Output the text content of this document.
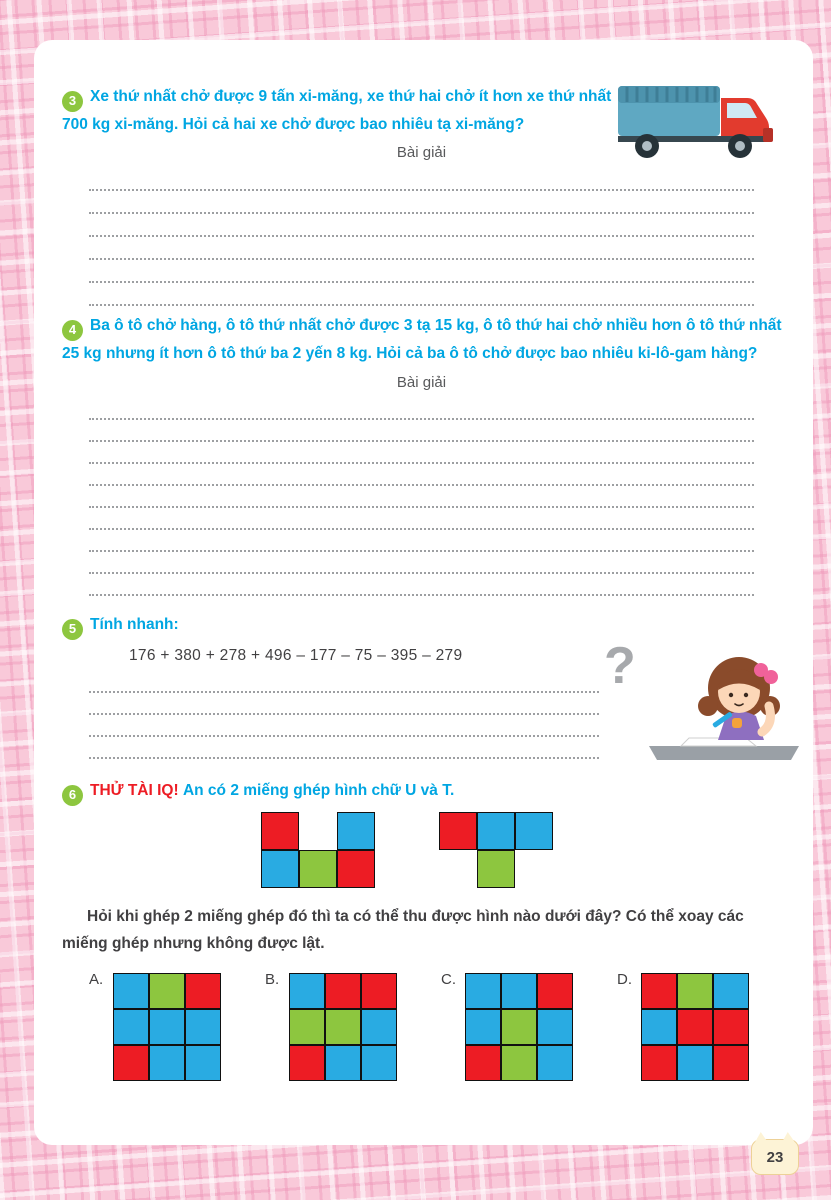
3 Xe thứ nhất chở được 9 tấn xi-măng, xe thứ hai chở ít hơn xe thứ nhất 700 kg xi-măng. Hỏi cả hai xe chở được bao nhiêu tạ xi-măng?

Bài giải

4 Ba ô tô chở hàng, ô tô thứ nhất chở được 3 tạ 15 kg, ô tô thứ hai chở nhiều hơn ô tô thứ nhất 25 kg nhưng ít hơn ô tô thứ ba 2 yến 8 kg. Hỏi cả ba ô tô chở được bao nhiêu ki-lô-gam hàng?

Bài giải

5 Tính nhanh:

176 + 380 + 278 + 496 – 177 – 75 – 395 – 279	?

6 THỬ TÀI IQ! An có 2 miếng ghép hình chữ U và T.

Hỏi khi ghép 2 miếng ghép đó thì ta có thể thu được hình nào dưới đây? Có thể xoay các miếng ghép nhưng không được lật.

A.	B.	C.	D.
23
